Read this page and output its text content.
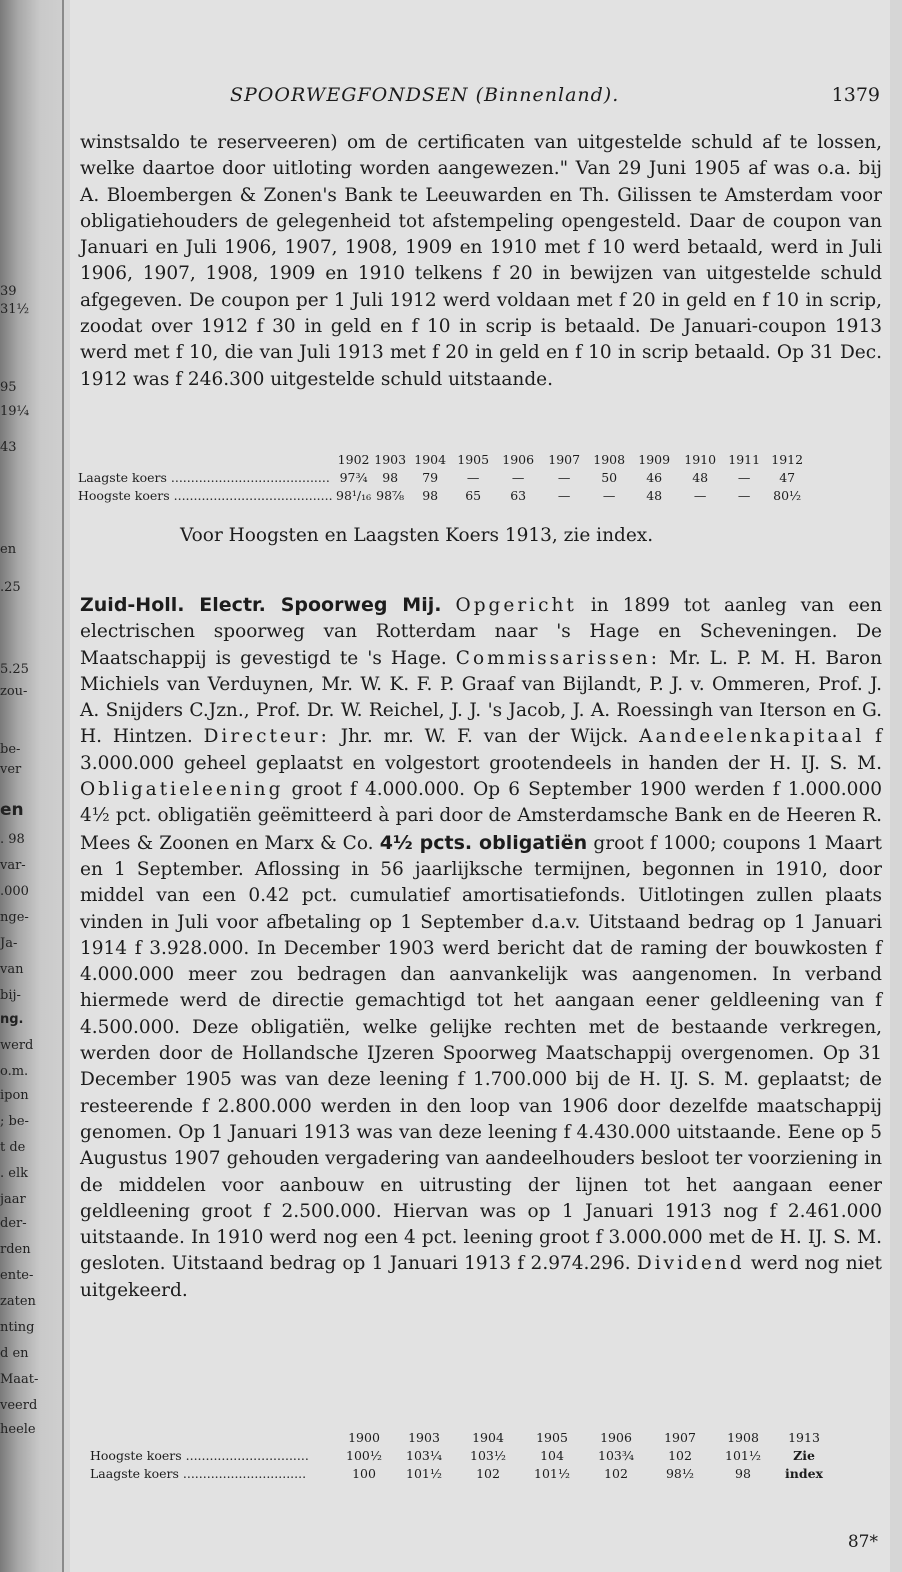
39
31½
95
19¼
43
en
.25
5.25
zou-
be-
ver
en
. 98
var-
.000
nge-
Ja-
van
bij-
ng.
werd
o.m.
ipon
; be-
t de
. elk
jaar
der-
rden
ente-
zaten
nting
d en
Maat-
veerd
heele
SPOORWEGFONDSEN (Binnenland).	1379

winstsaldo te reserveeren) om de certificaten van uitgestelde schuld af te lossen, welke daartoe door uitloting worden aangewezen." Van 29 Juni 1905 af was o.a. bij A. Bloembergen & Zonen's Bank te Leeuwarden en Th. Gilissen te Amsterdam voor obligatiehouders de gelegenheid tot afstempeling opengesteld. Daar de coupon van Januari en Juli 1906, 1907, 1908, 1909 en 1910 met f 10 werd betaald, werd in Juli 1906, 1907, 1908, 1909 en 1910 telkens f 20 in bewijzen van uitgestelde schuld afgegeven. De coupon per 1 Juli 1912 werd voldaan met f 20 in geld en f 10 in scrip, zoodat over 1912 f 30 in geld en f 10 in scrip is betaald. De Januari-coupon 1913 werd met f 10, die van Juli 1913 met f 20 in geld en f 10 in scrip betaald. Op 31 Dec. 1912 was f 246.300 uitgestelde schuld uitstaande.

	1902	1903	1904	1905	1906	1907	1908	1909	1910	1911	1912
Laagste koers ........................................	97¾	98	79	—	—	—	50	46	48	—	47
Hoogste koers ........................................	98¹/₁₆	98⅞	98	65	63	—	—	48	—	—	80½
Voor Hoogsten en Laagsten Koers 1913, zie index.

Zuid-Holl. Electr. Spoorweg Mij. Opgericht in 1899 tot aanleg van een electrischen spoorweg van Rotterdam naar 's Hage en Scheveningen. De Maatschappij is gevestigd te 's Hage. Commissarissen: Mr. L. P. M. H. Baron Michiels van Verduynen, Mr. W. K. F. P. Graaf van Bijlandt, P. J. v. Ommeren, Prof. J. A. Snijders C.Jzn., Prof. Dr. W. Reichel, J. J. 's Jacob, J. A. Roessingh van Iterson en G. H. Hintzen. Directeur: Jhr. mr. W. F. van der Wijck. Aandeelenkapitaal f 3.000.000 geheel geplaatst en volgestort grootendeels in handen der H. IJ. S. M. Obligatieleening groot f 4.000.000. Op 6 September 1900 werden f 1.000.000 4½ pct. obligatiën geëmitteerd à pari door de Amsterdamsche Bank en de Heeren R. Mees & Zoonen en Marx & Co. 4½ pcts. obligatiën groot f 1000; coupons 1 Maart en 1 September. Aflossing in 56 jaarlijksche termijnen, begonnen in 1910, door middel van een 0.42 pct. cumulatief amortisatiefonds. Uitlotingen zullen plaats vinden in Juli voor afbetaling op 1 September d.a.v. Uitstaand bedrag op 1 Januari 1914 f 3.928.000. In December 1903 werd bericht dat de raming der bouwkosten f 4.000.000 meer zou bedragen dan aanvankelijk was aangenomen. In verband hiermede werd de directie gemachtigd tot het aangaan eener geldleening van f 4.500.000. Deze obligatiën, welke gelijke rechten met de bestaande verkregen, werden door de Hollandsche IJzeren Spoorweg Maatschappij overgenomen. Op 31 December 1905 was van deze leening f 1.700.000 bij de H. IJ. S. M. geplaatst; de resteerende f 2.800.000 werden in den loop van 1906 door dezelfde maatschappij genomen. Op 1 Januari 1913 was van deze leening f 4.430.000 uitstaande. Eene op 5 Augustus 1907 gehouden vergadering van aandeelhouders besloot ter voorziening in de middelen voor aanbouw en uitrusting der lijnen tot het aangaan eener geldleening groot f 2.500.000. Hiervan was op 1 Januari 1913 nog f 2.461.000 uitstaande. In 1910 werd nog een 4 pct. leening groot f 3.000.000 met de H. IJ. S. M. gesloten. Uitstaand bedrag op 1 Januari 1913 f 2.974.296. Dividend werd nog niet uitgekeerd.

	1900	1903	1904	1905	1906	1907	1908	1913
Hoogste koers ...............................	100½	103¼	103½	104	103¾	102	101½	Zie
Laagste koers ...............................	100	101½	102	101½	102	98½	98	index
87*
